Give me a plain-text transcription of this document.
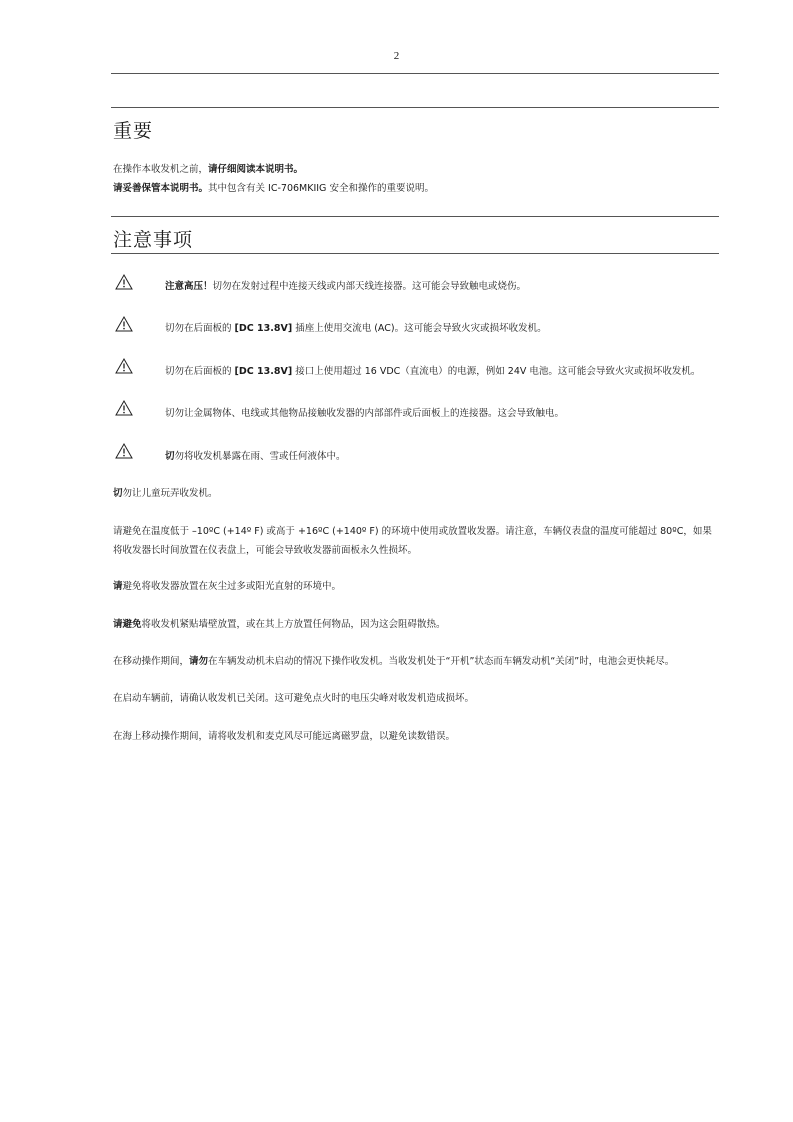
2
重要
在操作本收发机之前，请仔细阅读本说明书。
请妥善保管本说明书。其中包含有关 IC-706MKIIG 安全和操作的重要说明。
注意事项
注意高压！切勿在发射过程中连接天线或内部天线连接器。这可能会导致触电或烧伤。
切勿在后面板的 [DC 13.8V] 插座上使用交流电 (AC)。这可能会导致火灾或损坏收发机。
切勿在后面板的 [DC 13.8V] 接口上使用超过 16 VDC（直流电）的电源，例如 24V 电池。这可能会导致火灾或损坏收发机。
切勿让金属物体、电线或其他物品接触收发器的内部部件或后面板上的连接器。这会导致触电。
切勿将收发机暴露在雨、雪或任何液体中。
切勿让儿童玩弄收发机。
请避免在温度低于 –10ºC (+14º F) 或高于 +16ºC (+140º F) 的环境中使用或放置收发器。请注意，车辆仪表盘的温度可能超过 80ºC，如果将收发器长时间放置在仪表盘上，可能会导致收发器前面板永久性损坏。
请避免将收发器放置在灰尘过多或阳光直射的环境中。
请避免将收发机紧贴墙壁放置，或在其上方放置任何物品，因为这会阻碍散热。
在移动操作期间，请勿在车辆发动机未启动的情况下操作收发机。当收发机处于“开机”状态而车辆发动机“关闭”时，电池会更快耗尽。
在启动车辆前，请确认收发机已关闭。这可避免点火时的电压尖峰对收发机造成损坏。
在海上移动操作期间，请将收发机和麦克风尽可能远离磁罗盘，以避免读数错误。
